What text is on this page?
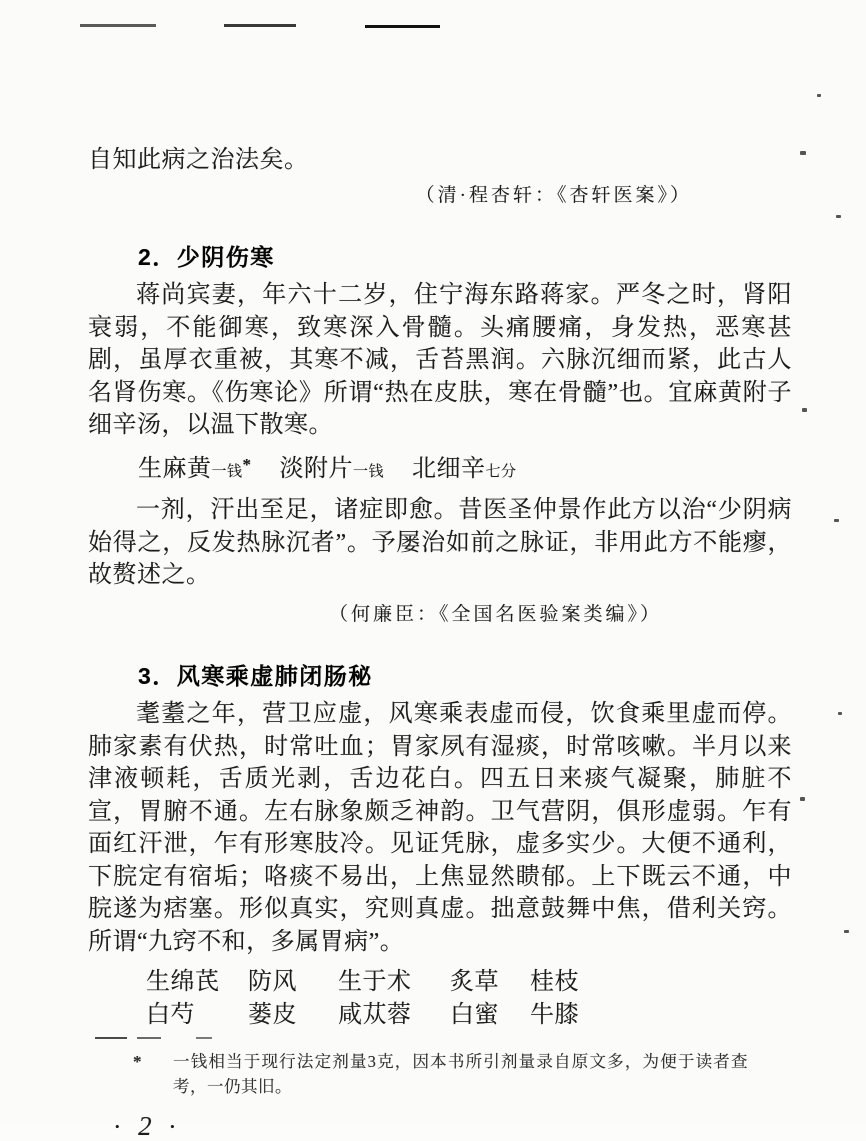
自知此病之治法矣。

（清·程杏轩：《杏轩医案》）
2．少阴伤寒

蒋尚宾妻，年六十二岁，住宁海东路蒋家。严冬之时，肾阳衰弱，不能御寒，致寒深入骨髓。头痛腰痛，身发热，恶寒甚剧，虽厚衣重被，其寒不减，舌苔黑润。六脉沉细而紧，此古人名肾伤寒。《伤寒论》所谓“热在皮肤，寒在骨髓”也。宜麻黄附子细辛汤，以温下散寒。

生麻黄一钱* 淡附片一钱 北细辛七分

一剂，汗出至足，诸症即愈。昔医圣仲景作此方以治“少阴病始得之，反发热脉沉者”。予屡治如前之脉证，非用此方不能瘳，故赘述之。

（何廉臣：《全国名医验案类编》）
3．风寒乘虚肺闭肠秘

耄耋之年，营卫应虚，风寒乘表虚而侵，饮食乘里虚而停。肺家素有伏热，时常吐血；胃家夙有湿痰，时常咳嗽。半月以来津液顿耗，舌质光剥，舌边花白。四五日来痰气凝聚，肺脏不宣，胃腑不通。左右脉象颇乏神韵。卫气营阴，俱形虚弱。乍有面红汗泄，乍有形寒肢冷。见证凭脉，虚多实少。大便不通利，下脘定有宿垢；咯痰不易出，上焦显然瞆郁。上下既云不通，中脘遂为痞塞。形似真实，究则真虚。拙意鼓舞中焦，借利关窍。所谓“九窍不和，多属胃病”。

生绵芪	防风	生于术	炙草	桂枝
白芍	蒌皮	咸苁蓉	白蜜	牛膝
*	一钱相当于现行法定剂量3克，因本书所引剂量录自原文多，为便于读者查考，一仍其旧。
• 2 •
